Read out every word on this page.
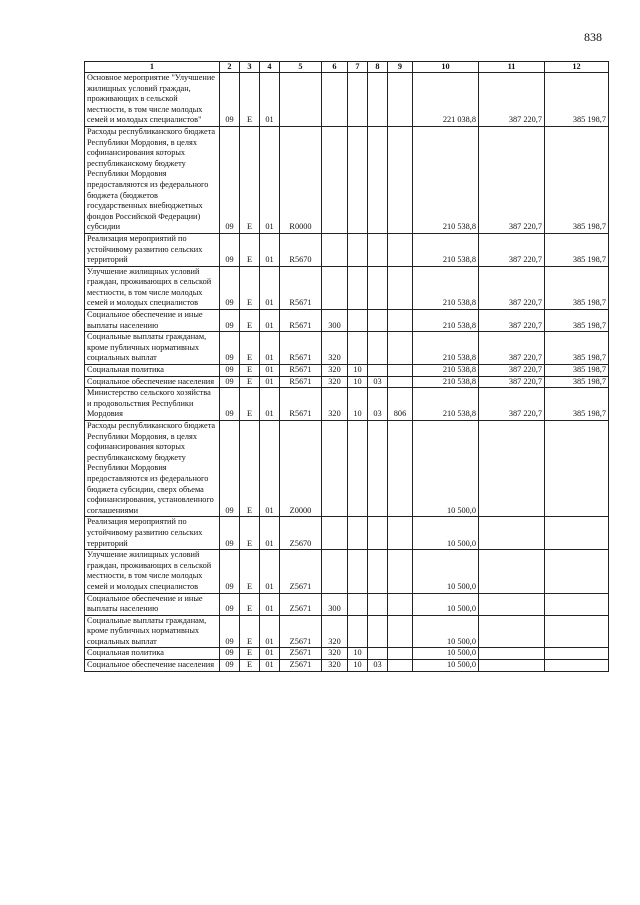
838
1	2	3	4	5	6	7	8	9	10	11	12
Основное мероприятие "Улучшение жилищных условий граждан, проживающих в сельской местности, в том числе молодых семей и молодых специалистов"	09	Е	01						221 038,8	387 220,7	385 198,7
Расходы республиканского бюджета Республики Мордовия, в целях софинансирования которых республиканскому бюджету Республики Мордовия предоставляются из федерального бюджета (бюджетов государственных внебюджетных фондов Российской Федерации) субсидии	09	Е	01	R0000					210 538,8	387 220,7	385 198,7
Реализация мероприятий по устойчивому развитию сельских территорий	09	Е	01	R5670					210 538,8	387 220,7	385 198,7
Улучшение жилищных условий граждан, проживающих в сельской местности, в том числе молодых семей и молодых специалистов	09	Е	01	R5671					210 538,8	387 220,7	385 198,7
Социальное обеспечение и иные выплаты населению	09	Е	01	R5671	300				210 538,8	387 220,7	385 198,7
Социальные выплаты гражданам, кроме публичных нормативных социальных выплат	09	Е	01	R5671	320				210 538,8	387 220,7	385 198,7
Социальная политика	09	Е	01	R5671	320	10			210 538,8	387 220,7	385 198,7
Социальное обеспечение населения	09	Е	01	R5671	320	10	03		210 538,8	387 220,7	385 198,7
Министерство сельского хозяйства и продовольствия Республики Мордовия	09	Е	01	R5671	320	10	03	806	210 538,8	387 220,7	385 198,7
Расходы республиканского бюджета Республики Мордовия, в целях софинансирования которых республиканскому бюджету Республики Мордовия предоставляются из федерального бюджета субсидии, сверх объема софинансирования, установленного соглашениями	09	Е	01	Z0000					10 500,0		
Реализация мероприятий по устойчивому развитию сельских территорий	09	Е	01	Z5670					10 500,0		
Улучшение жилищных условий граждан, проживающих в сельской местности, в том числе молодых семей и молодых специалистов	09	Е	01	Z5671					10 500,0		
Социальное обеспечение и иные выплаты населению	09	Е	01	Z5671	300				10 500,0		
Социальные выплаты гражданам, кроме публичных нормативных социальных выплат	09	Е	01	Z5671	320				10 500,0		
Социальная политика	09	Е	01	Z5671	320	10			10 500,0		
Социальное обеспечение населения	09	Е	01	Z5671	320	10	03		10 500,0		
